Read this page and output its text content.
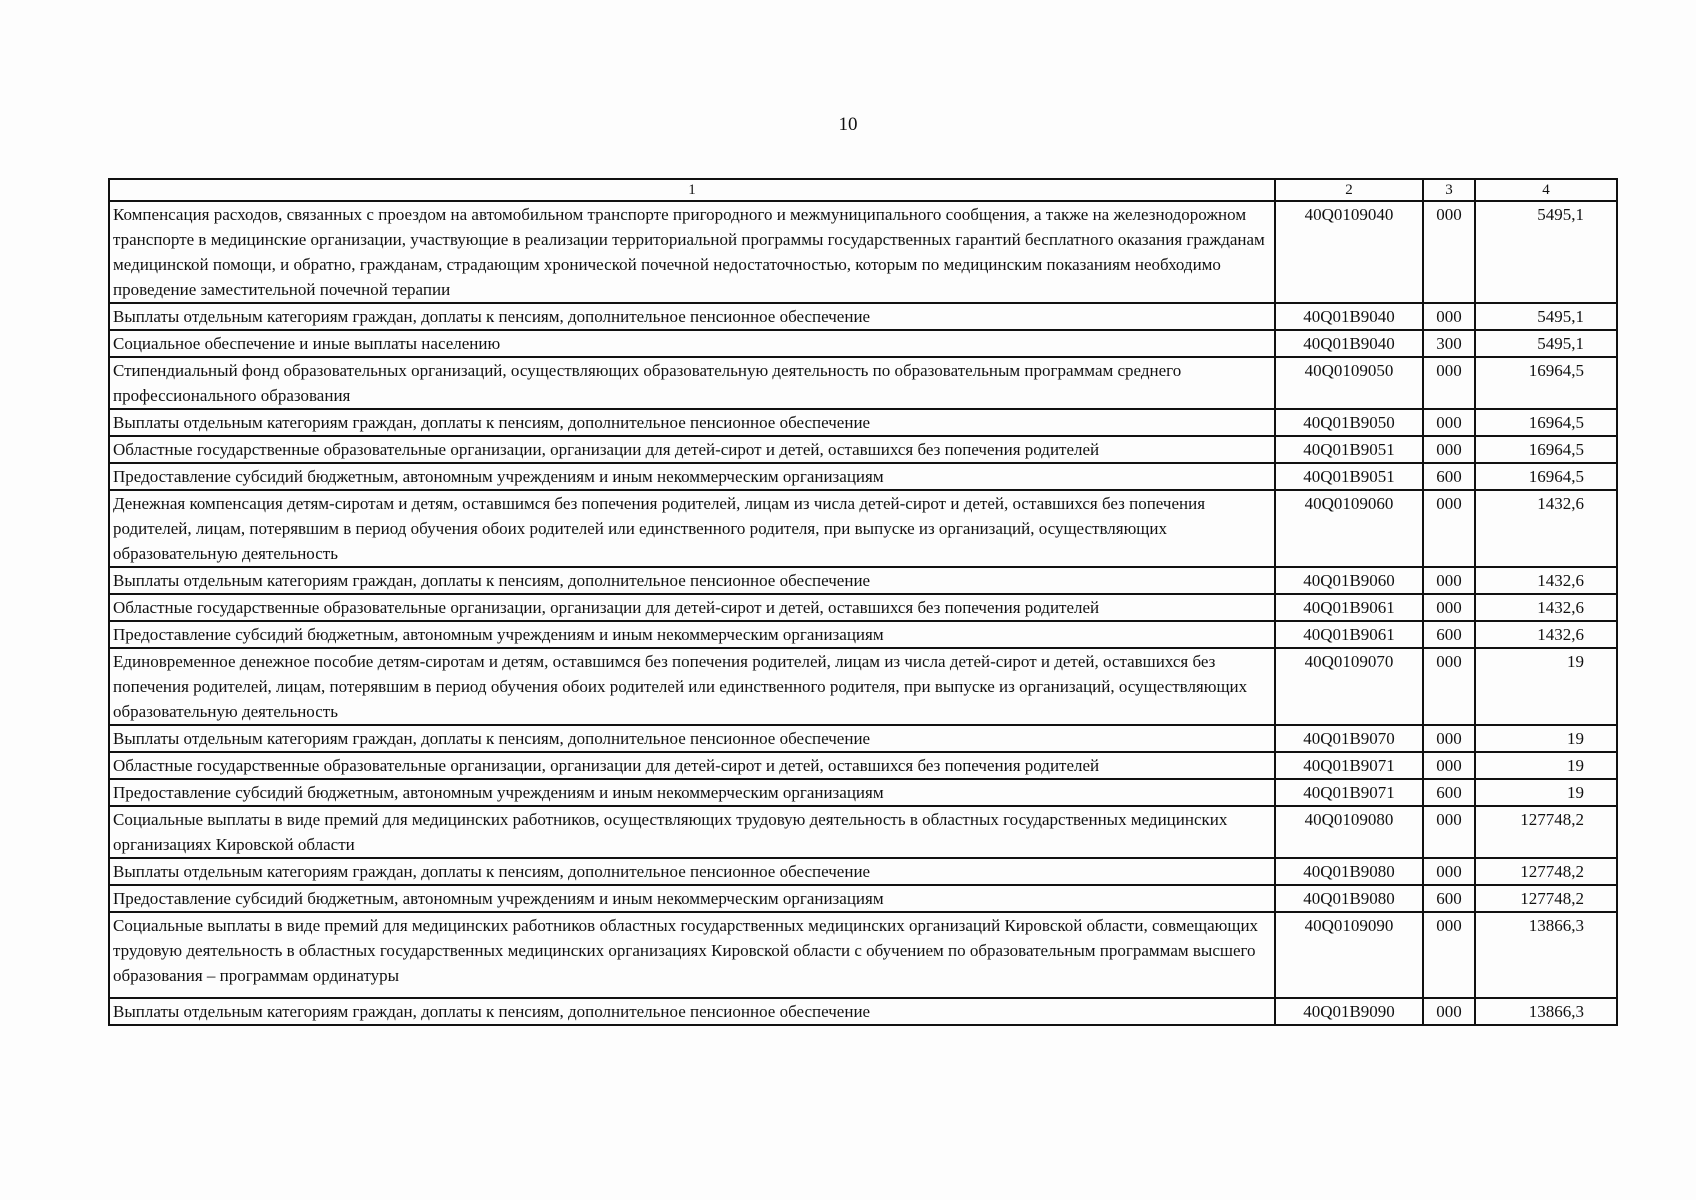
10
1	2	3	4
Компенсация расходов, связанных с проездом на автомобильном транспорте пригородного и межмуниципального сообщения, а также на железнодорожном транспорте в медицинские организации, участвующие в реализации территориальной программы государственных гарантий бесплатного оказания гражданам медицинской помощи, и обратно, гражданам, страдающим хронической почечной недостаточностью, которым по медицинским показаниям необходимо проведение заместительной почечной терапии	40Q0109040	000	5495,1
Выплаты отдельным категориям граждан, доплаты к пенсиям, дополнительное пенсионное обеспечение	40Q01B9040	000	5495,1
Социальное обеспечение и иные выплаты населению	40Q01B9040	300	5495,1
Стипендиальный фонд образовательных организаций, осуществляющих образовательную деятельность по образовательным программам среднего профессионального образования	40Q0109050	000	16964,5
Выплаты отдельным категориям граждан, доплаты к пенсиям, дополнительное пенсионное обеспечение	40Q01B9050	000	16964,5
Областные государственные образовательные организации, организации для детей-сирот и детей, оставшихся без попечения родителей	40Q01B9051	000	16964,5
Предоставление субсидий бюджетным, автономным учреждениям и иным некоммерческим организациям	40Q01B9051	600	16964,5
Денежная компенсация детям-сиротам и детям, оставшимся без попечения родителей, лицам из числа детей-сирот и детей, оставшихся без попечения родителей, лицам, потерявшим в период обучения обоих родителей или единственного родителя, при выпуске из организаций, осуществляющих образовательную деятельность	40Q0109060	000	1432,6
Выплаты отдельным категориям граждан, доплаты к пенсиям, дополнительное пенсионное обеспечение	40Q01B9060	000	1432,6
Областные государственные образовательные организации, организации для детей-сирот и детей, оставшихся без попечения родителей	40Q01B9061	000	1432,6
Предоставление субсидий бюджетным, автономным учреждениям и иным некоммерческим организациям	40Q01B9061	600	1432,6
Единовременное денежное пособие детям-сиротам и детям, оставшимся без попечения родителей, лицам из числа детей-сирот и детей, оставшихся без попечения родителей, лицам, потерявшим в период обучения обоих родителей или единственного родителя, при выпуске из организаций, осуществляющих образовательную деятельность	40Q0109070	000	19
Выплаты отдельным категориям граждан, доплаты к пенсиям, дополнительное пенсионное обеспечение	40Q01B9070	000	19
Областные государственные образовательные организации, организации для детей-сирот и детей, оставшихся без попечения родителей	40Q01B9071	000	19
Предоставление субсидий бюджетным, автономным учреждениям и иным некоммерческим организациям	40Q01B9071	600	19
Социальные выплаты в виде премий для медицинских работников, осуществляющих трудовую деятельность в областных государственных медицинских организациях Кировской области	40Q0109080	000	127748,2
Выплаты отдельным категориям граждан, доплаты к пенсиям, дополнительное пенсионное обеспечение	40Q01B9080	000	127748,2
Предоставление субсидий бюджетным, автономным учреждениям и иным некоммерческим организациям	40Q01B9080	600	127748,2
Социальные выплаты в виде премий для медицинских работников областных государственных медицинских организаций Кировской области, совмещающих трудовую деятельность в областных государственных медицинских организациях Кировской области с обучением по образовательным программам высшего образования – программам ординатуры	40Q0109090	000	13866,3
Выплаты отдельным категориям граждан, доплаты к пенсиям, дополнительное пенсионное обеспечение	40Q01B9090	000	13866,3
